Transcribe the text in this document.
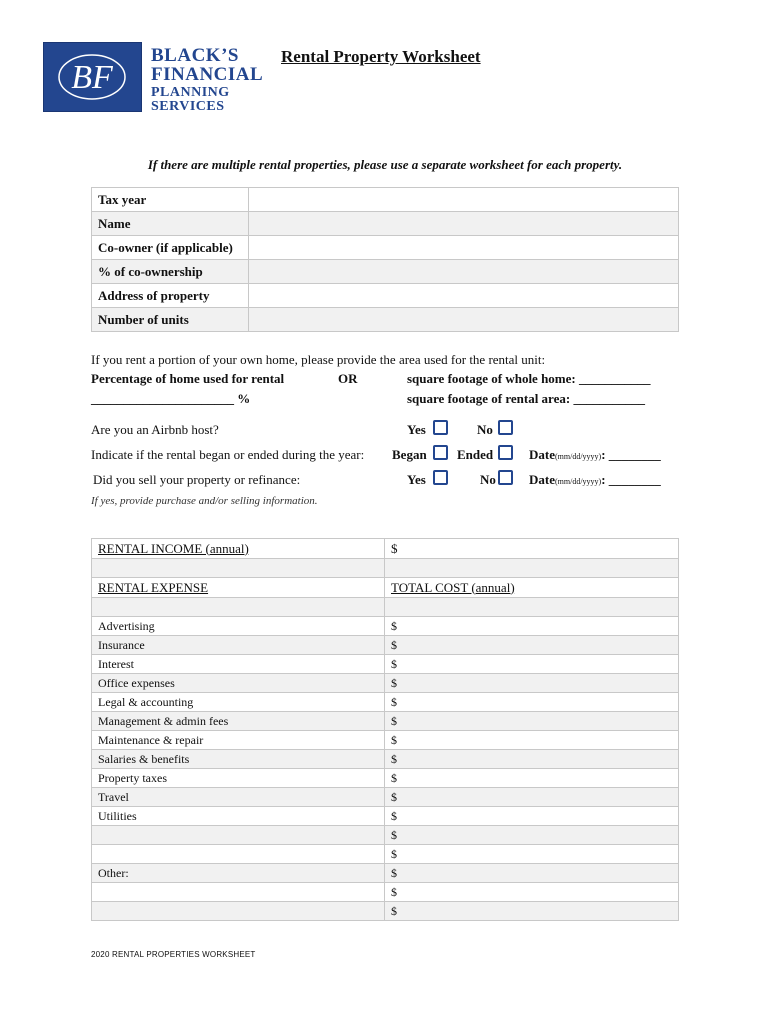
BF
BLACK’S
FINANCIAL
PLANNING
SERVICES
Rental Property Worksheet
If there are multiple rental properties, please use a separate worksheet for each property.
Tax year	
Name	
Co-owner (if applicable)	
% of co-ownership	
Address of property	
Number of units	
If you rent a portion of your own home, please provide the area used for the rental unit:
Percentage of home used for rental	OR	square footage of whole home: ___________
______________________ %	square footage of rental area: ___________
Are you an Airbnb host?	Yes	No
Indicate if the rental began or ended during the year: Began Ended	Date(mm/dd/yyyy): ________
Did you sell your property or refinance:	Yes	No	Date(mm/dd/yyyy): ________
If yes, provide purchase and/or selling information.
RENTAL INCOME (annual)	$

RENTAL EXPENSE	TOTAL COST (annual)

Advertising	$
Insurance	$
Interest	$
Office expenses	$
Legal & accounting	$
Management & admin fees	$
Maintenance & repair	$
Salaries & benefits	$
Property taxes	$
Travel	$
Utilities	$
	$
	$
Other:	$
	$
	$
2020 RENTAL PROPERTIES WORKSHEET
